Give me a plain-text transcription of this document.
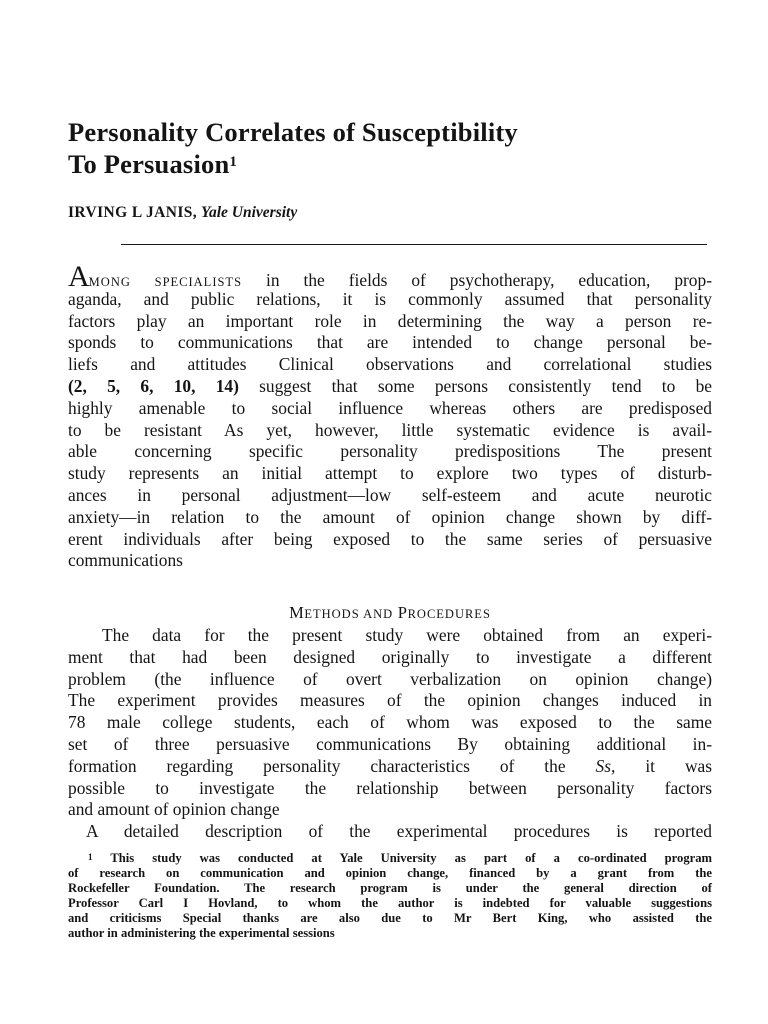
Personality Correlates of Susceptibility
To Persuasion$^1$
IRVING L JANIS, Yale University
AMONG SPECIALISTS in the fields of psychotherapy, education, prop-
aganda, and public relations, it is commonly assumed that personality
factors play an important role in determining the way a person re-
sponds to communications that are intended to change personal be-
liefs and attitudes Clinical observations and correlational studies
(2, 5, 6, 10, 14) suggest that some persons consistently tend to be
highly amenable to social influence whereas others are predisposed
to be resistant As yet, however, little systematic evidence is avail-
able concerning specific personality predispositions The present
study represents an initial attempt to explore two types of disturb-
ances in personal adjustment—low self-esteem and acute neurotic
anxiety—in relation to the amount of opinion change shown by diff-
erent individuals after being exposed to the same series of persuasive
communications
METHODS AND PROCEDURES
The data for the present study were obtained from an experi-
ment that had been designed originally to investigate a different
problem (the influence of overt verbalization on opinion change)
The experiment provides measures of the opinion changes induced in
78 male college students, each of whom was exposed to the same
set of three persuasive communications By obtaining additional in-
formation regarding personality characteristics of the Ss, it was
possible to investigate the relationship between personality factors
and amount of opinion change
A detailed description of the experimental procedures is reported
$^1$ This study was conducted at Yale University as part of a co-ordinated program
of research on communication and opinion change, financed by a grant from the
Rockefeller Foundation. The research program is under the general direction of
Professor Carl I Hovland, to whom the author is indebted for valuable suggestions
and criticisms Special thanks are also due to Mr Bert King, who assisted the
author in administering the experimental sessions
